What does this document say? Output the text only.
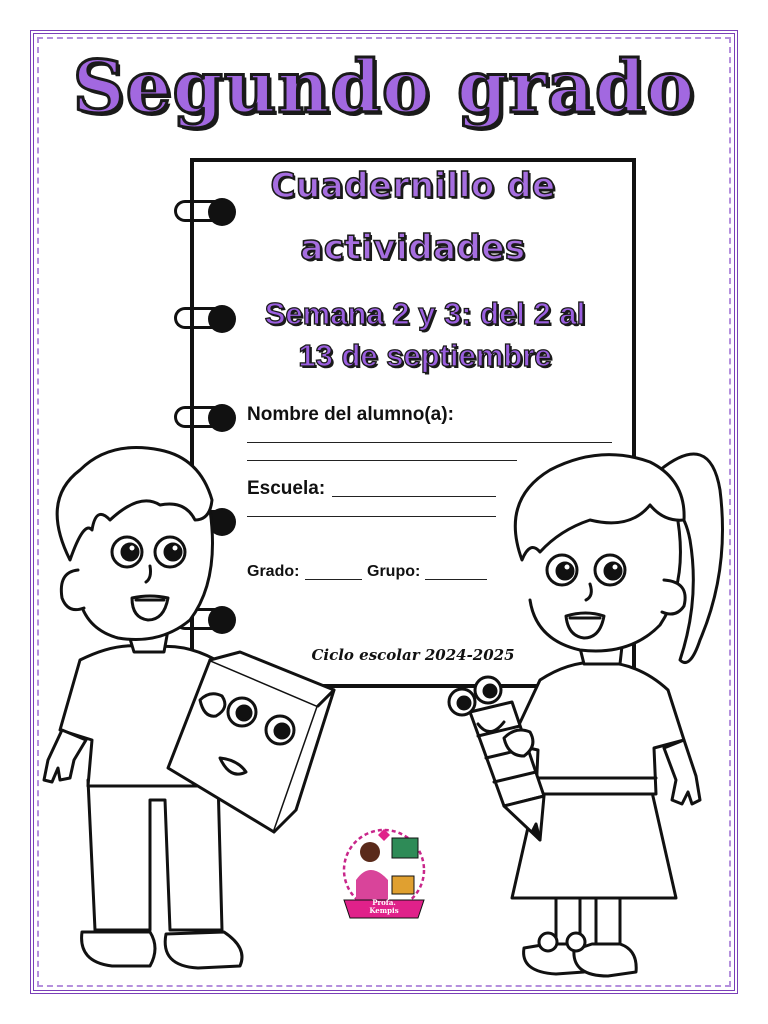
Segundo grado
Cuadernillo de
actividades
Semana 2 y 3: del 2 al
13 de septiembre
Nombre del alumno(a):
Escuela:
Grado:	Grupo:
Ciclo escolar 2024-2025
Profa.
Kempis
